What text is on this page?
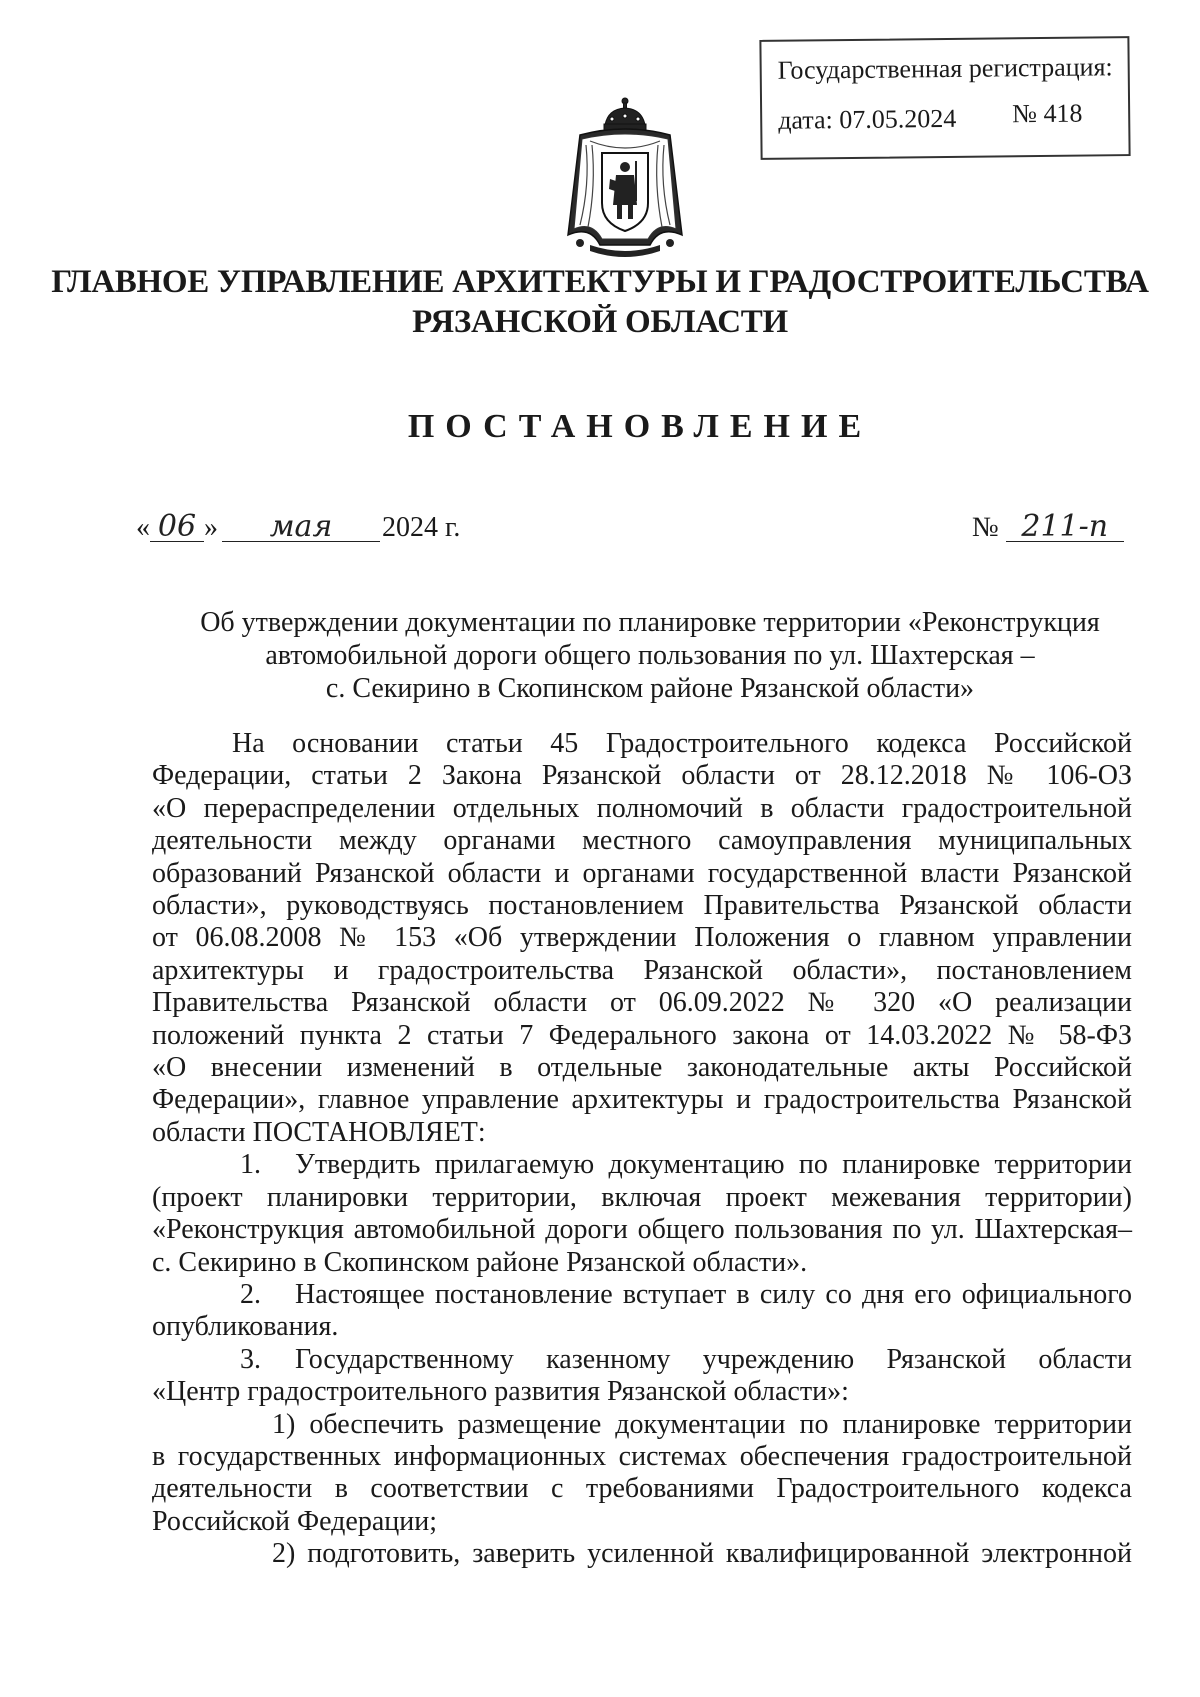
Государственная регистрация:
дата: 07.05.2024 № 418
ГЛАВНОЕ УПРАВЛЕНИЕ АРХИТЕКТУРЫ И ГРАДОСТРОИТЕЛЬСТВА
РЯЗАНСКОЙ ОБЛАСТИ
ПОСТАНОВЛЕНИЕ
« 06 » мая 2024 г.	№ 211-п
Об утверждении документации по планировке территории «Реконструкция
автомобильной дороги общего пользования по ул. Шахтерская –
с. Секирино в Скопинском районе Рязанской области»
На основании статьи 45 Градостроительного кодекса Российской
Федерации, статьи 2 Закона Рязанской области от 28.12.2018 № 106-ОЗ
«О перераспределении отдельных полномочий в области градостроительной
деятельности между органами местного самоуправления муниципальных
образований Рязанской области и органами государственной власти Рязанской
области», руководствуясь постановлением Правительства Рязанской области
от 06.08.2008 № 153 «Об утверждении Положения о главном управлении
архитектуры и градостроительства Рязанской области», постановлением
Правительства Рязанской области от 06.09.2022 № 320 «О реализации
положений пункта 2 статьи 7 Федерального закона от 14.03.2022 № 58-ФЗ
«О внесении изменений в отдельные законодательные акты Российской
Федерации», главное управление архитектуры и градостроительства Рязанской
области ПОСТАНОВЛЯЕТ:
1. Утвердить прилагаемую документацию по планировке территории
(проект планировки территории, включая проект межевания территории)
«Реконструкция автомобильной дороги общего пользования по ул. Шахтерская–
с. Секирино в Скопинском районе Рязанской области».
2. Настоящее постановление вступает в силу со дня его официального
опубликования.
3. Государственному казенному учреждению Рязанской области
«Центр градостроительного развития Рязанской области»:
1) обеспечить размещение документации по планировке территории
в государственных информационных системах обеспечения градостроительной
деятельности в соответствии с требованиями Градостроительного кодекса
Российской Федерации;
2) подготовить, заверить усиленной квалифицированной электронной
